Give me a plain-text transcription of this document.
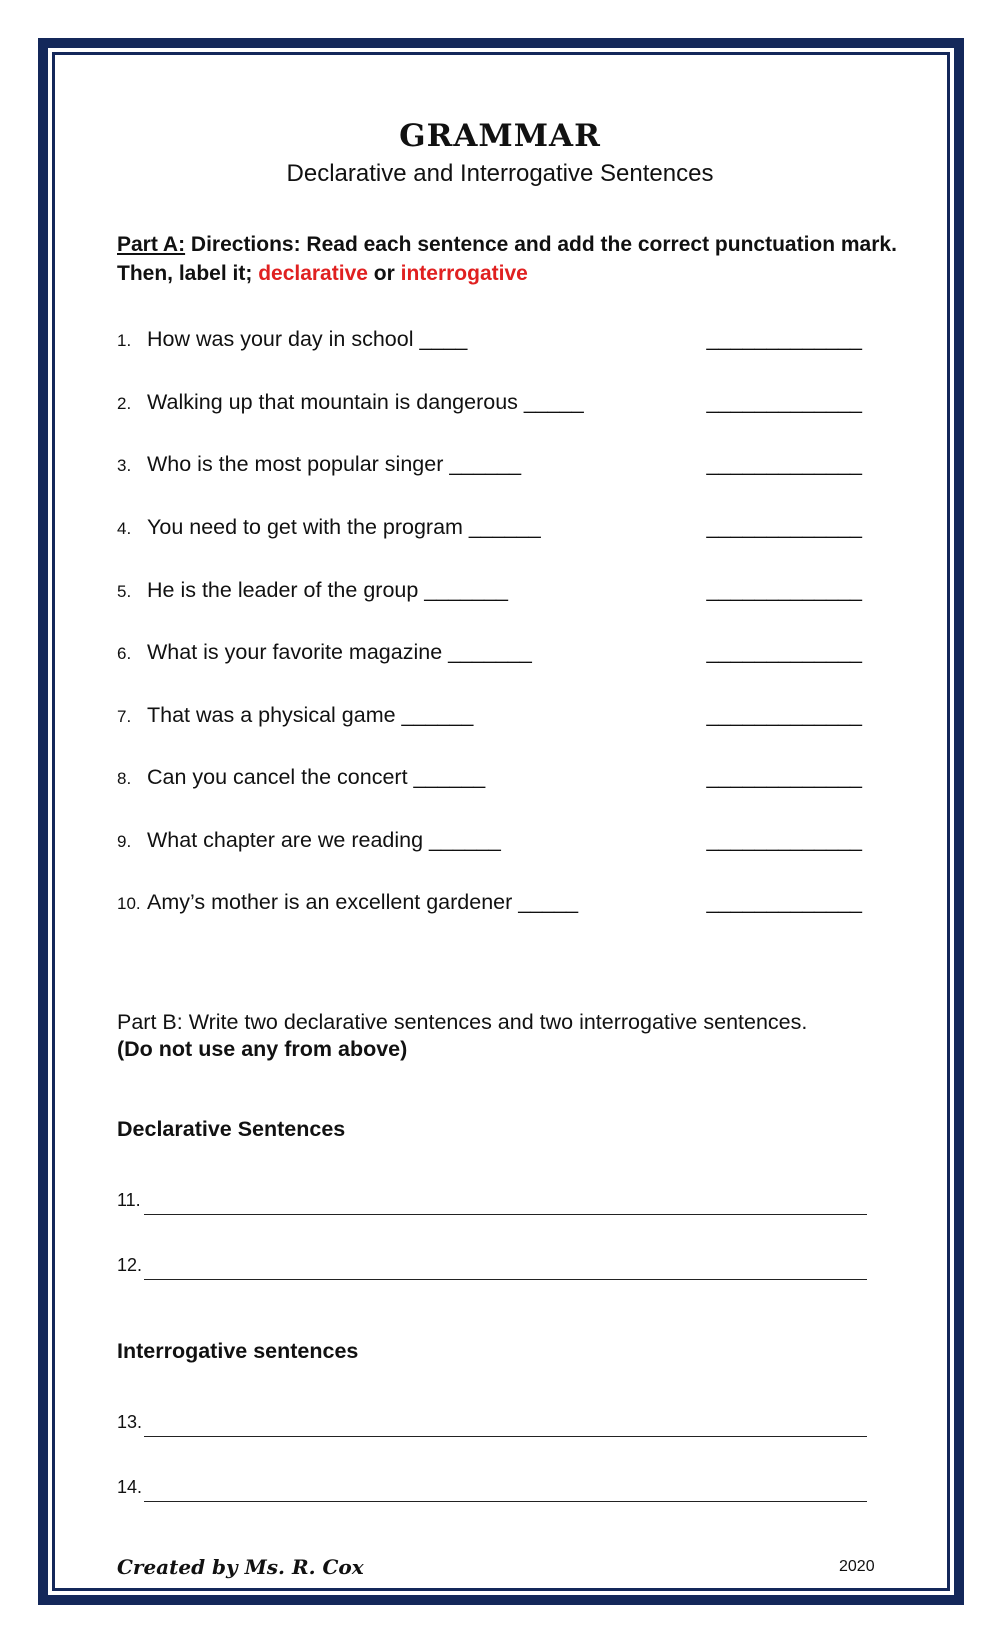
GRAMMAR
Declarative and Interrogative Sentences
Part A: Directions: Read each sentence and add the correct punctuation mark. Then, label it; declarative or interrogative
1. How was your day in school ____	_____________
2. Walking up that mountain is dangerous _____	_____________
3. Who is the most popular singer ______	_____________
4. You need to get with the program ______	_____________
5. He is the leader of the group _______	_____________
6. What is your favorite magazine _______	_____________
7. That was a physical game ______	_____________
8. Can you cancel the concert ______	_____________
9. What chapter are we reading ______	_____________
10. Amy’s mother is an excellent gardener _____	_____________
Part B: Write two declarative sentences and two interrogative sentences.
(Do not use any from above)
Declarative Sentences
11.
12.
Interrogative sentences
13.
14.
Created by Ms. R. Cox	2020
